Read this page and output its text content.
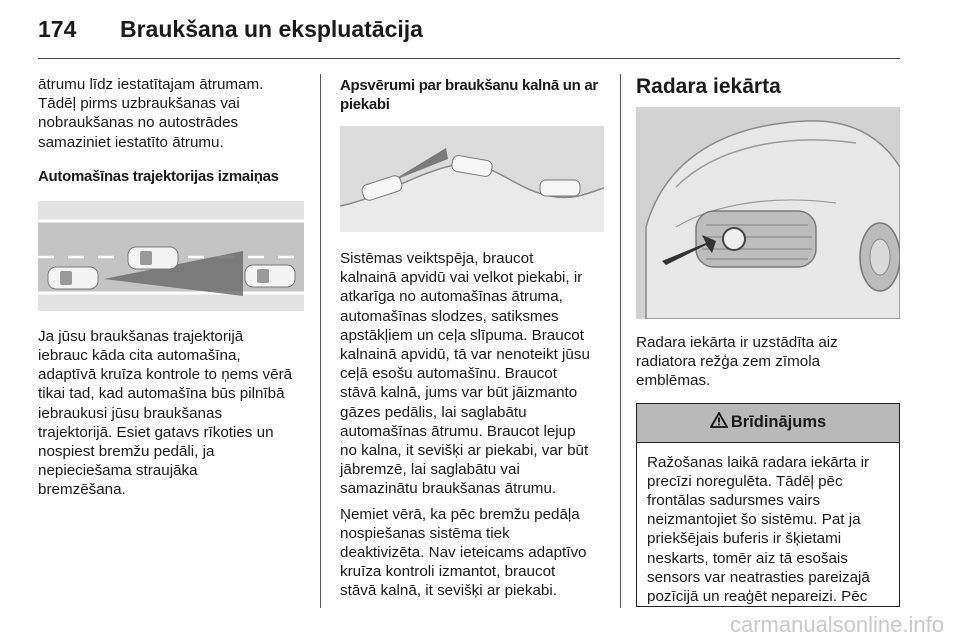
174 Braukšana un ekspluatācija
ātrumu līdz iestatītajam ātrumam.
Tādēļ pirms uzbraukšanas vai
nobraukšanas no autostrādes
samaziniet iestatīto ātrumu.
Automašīnas trajektorijas izmaiņas
Ja jūsu braukšanas trajektorijā
iebrauc kāda cita automašīna,
adaptīvā kruīza kontrole to ņems vērā
tikai tad, kad automašīna būs pilnībā
iebraukusi jūsu braukšanas
trajektorijā. Esiet gatavs rīkoties un
nospiest bremžu pedāli, ja
nepieciešama straujāka
bremzēšana.
Apsvērumi par braukšanu kalnā un ar
piekabi
Sistēmas veiktspēja, braucot
kalnainā apvidū vai velkot piekabi, ir
atkarīga no automašīnas ātruma,
automašīnas slodzes, satiksmes
apstākļiem un ceļa slīpuma. Braucot
kalnainā apvidū, tā var nenoteikt jūsu
ceļā esošu automašīnu. Braucot
stāvā kalnā, jums var būt jāizmanto
gāzes pedālis, lai saglabātu
automašīnas ātrumu. Braucot lejup
no kalna, it sevišķi ar piekabi, var būt
jābremzē, lai saglabātu vai
samazinātu braukšanas ātrumu.
Ņemiet vērā, ka pēc bremžu pedāļa
nospiešanas sistēma tiek
deaktivizēta. Nav ieteicams adaptīvo
kruīza kontroli izmantot, braucot
stāvā kalnā, it sevišķi ar piekabi.
Radara iekārta
Radara iekārta ir uzstādīta aiz
radiatora režģa zem zīmola
emblēmas.
Brīdinājums
Ražošanas laikā radara iekārta ir
precīzi noregulēta. Tādēļ pēc
frontālas sadursmes vairs
neizmantojiet šo sistēmu. Pat ja
priekšējais buferis ir šķietami
neskarts, tomēr aiz tā esošais
sensors var neatrasties pareizajā
pozīcijā un reaģēt nepareizi. Pēc
carmanualsonline.info
